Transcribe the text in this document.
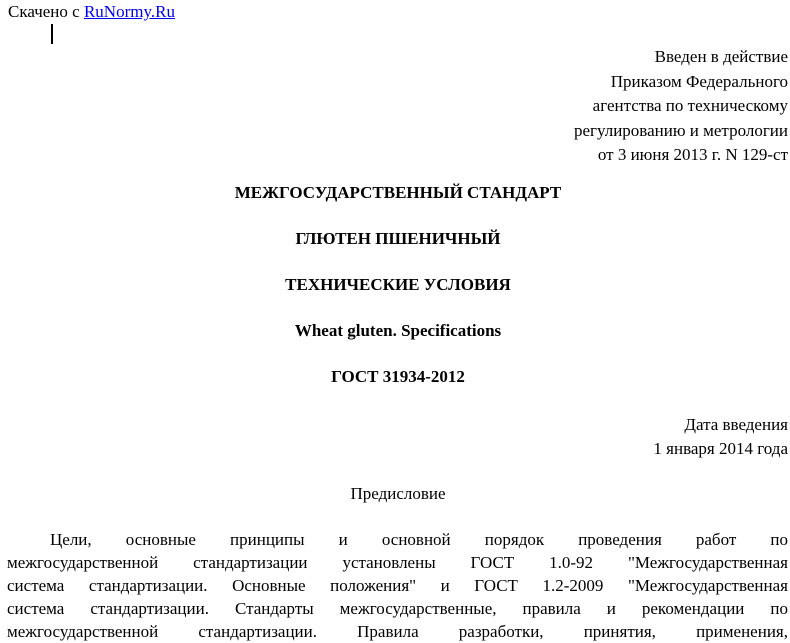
Скачено с RuNormy.Ru
Введен в действие
Приказом Федерального
агентства по техническому
регулированию и метрологии
от 3 июня 2013 г. N 129-ст
МЕЖГОСУДАРСТВЕННЫЙ СТАНДАРТ
ГЛЮТЕН ПШЕНИЧНЫЙ
ТЕХНИЧЕСКИЕ УСЛОВИЯ
Wheat gluten. Specifications
ГОСТ 31934-2012
Дата введения
1 января 2014 года
Предисловие
Цели, основные принципы и основной порядок проведения работ по
межгосударственной стандартизации установлены ГОСТ 1.0-92 "Межгосударственная
система стандартизации. Основные положения" и ГОСТ 1.2-2009 "Межгосударственная
система стандартизации. Стандарты межгосударственные, правила и рекомендации по
межгосударственной стандартизации. Правила разработки, принятия, применения,
